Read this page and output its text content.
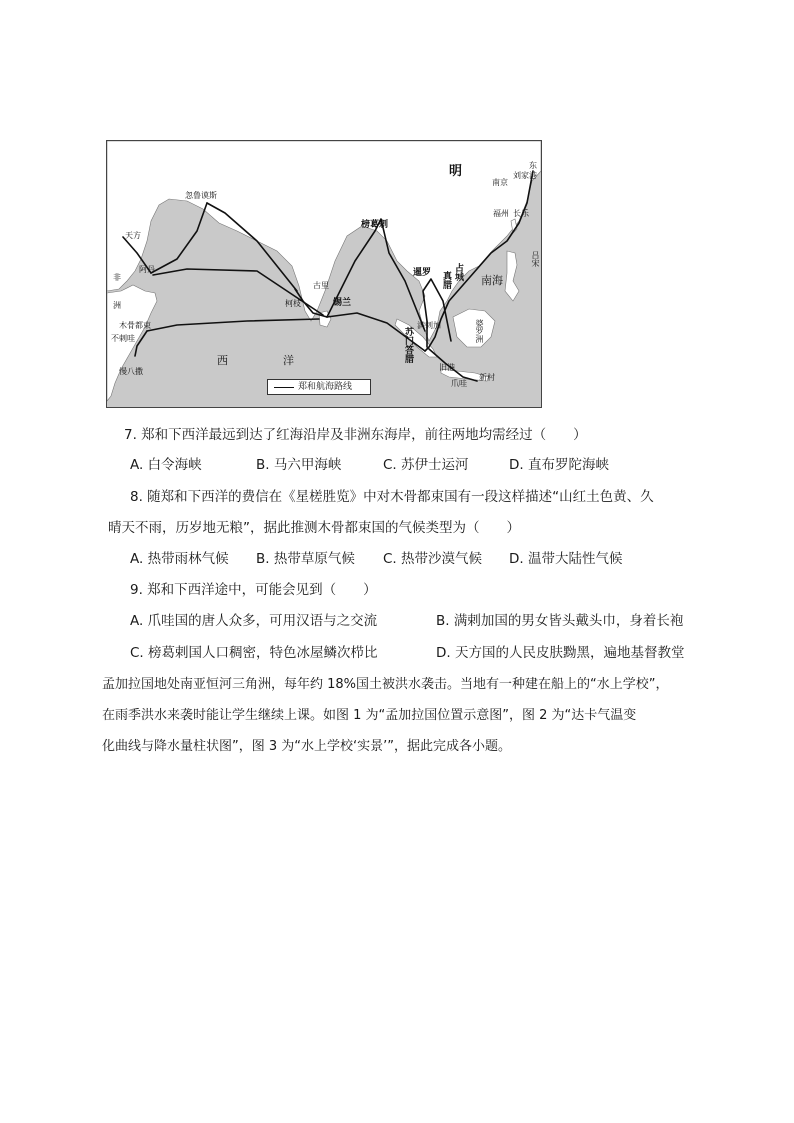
明
南京
刘家港
东
福州 长乐
忽鲁谟斯
天方
阿丹
非
洲
木骨都束
不剌哇
慢八撒
榜葛剌
古里
柯枝	锡兰
暹罗 占城
真腊	南海
吕宋
满剌加
苏门答腊
旧港
爪哇
新村
婆罗洲
西	洋
郑和航海路线
7. 郑和下西洋最远到达了红海沿岸及非洲东海岸，前往两地均需经过（　　）
A. 白令海峡	B. 马六甲海峡	C. 苏伊士运河	D. 直布罗陀海峡
8. 随郑和下西洋的费信在《星槎胜览》中对木骨都束国有一段这样描述“山红土色黄、久
晴天不雨，历岁地无粮”，据此推测木骨都束国的气候类型为（　　）
A. 热带雨林气候 B. 热带草原气候 C. 热带沙漠气候 D. 温带大陆性气候
9. 郑和下西洋途中，可能会见到（　　）
A. 爪哇国的唐人众多，可用汉语与之交流	B. 满剌加国的男女皆头戴头巾，身着长袍
C. 榜葛剌国人口稠密，特色冰屋鳞次栉比	D. 天方国的人民皮肤黝黑，遍地基督教堂
孟加拉国地处南亚恒河三角洲，每年约 18%国土被洪水袭击。当地有一种建在船上的“水上学校”，
在雨季洪水来袭时能让学生继续上课。如图 1 为“孟加拉国位置示意图”，图 2 为“达卡气温变
化曲线与降水量柱状图”，图 3 为“水上学校‘实景’”，据此完成各小题。
